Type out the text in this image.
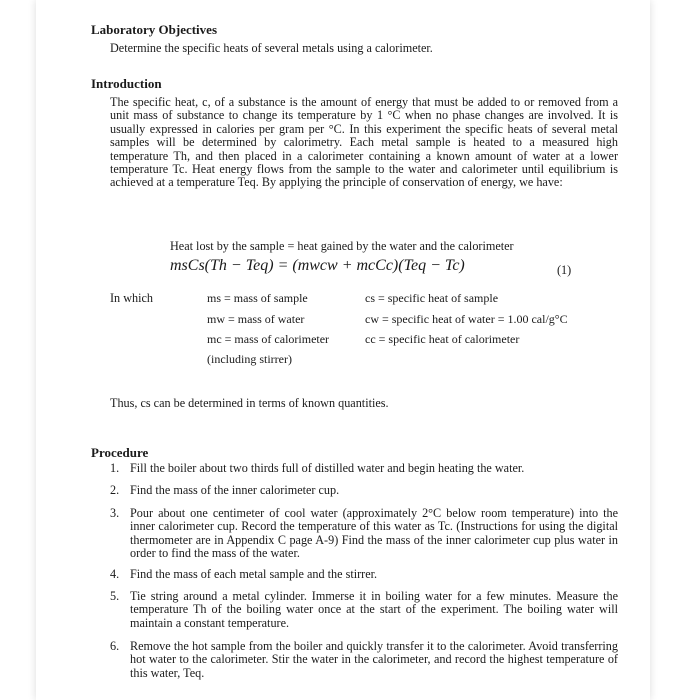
Laboratory Objectives
Determine the specific heats of several metals using a calorimeter.
Introduction
The specific heat, c, of a substance is the amount of energy that must be added to or removed from a unit mass of substance to change its temperature by 1 °C when no phase changes are involved. It is usually expressed in calories per gram per °C. In this experiment the specific heats of several metal samples will be determined by calorimetry. Each metal sample is heated to a measured high temperature Th, and then placed in a calorimeter containing a known amount of water at a lower temperature Tc. Heat energy flows from the sample to the water and calorimeter until equilibrium is achieved at a temperature Teq. By applying the principle of conservation of energy, we have:
Heat lost by the sample = heat gained by the water and the calorimeter
msCs(Th − Teq) = (mwcw + mcCc)(Teq − Tc)	(1)
In which	ms = mass of sample
mw = mass of water
mc = mass of calorimeter
(including stirrer)
cs = specific heat of sample
cw = specific heat of water = 1.00 cal/g°C
cc = specific heat of calorimeter
Thus, cs can be determined in terms of known quantities.
Procedure
1. Fill the boiler about two thirds full of distilled water and begin heating the water.
2. Find the mass of the inner calorimeter cup.
3. Pour about one centimeter of cool water (approximately 2°C below room temperature) into the inner calorimeter cup. Record the temperature of this water as Tc. (Instructions for using the digital thermometer are in Appendix C page A-9) Find the mass of the inner calorimeter cup plus water in order to find the mass of the water.
4. Find the mass of each metal sample and the stirrer.
5. Tie string around a metal cylinder. Immerse it in boiling water for a few minutes. Measure the temperature Th of the boiling water once at the start of the experiment. The boiling water will maintain a constant temperature.
6. Remove the hot sample from the boiler and quickly transfer it to the calorimeter. Avoid transferring hot water to the calorimeter. Stir the water in the calorimeter, and record the highest temperature of this water, Teq.
